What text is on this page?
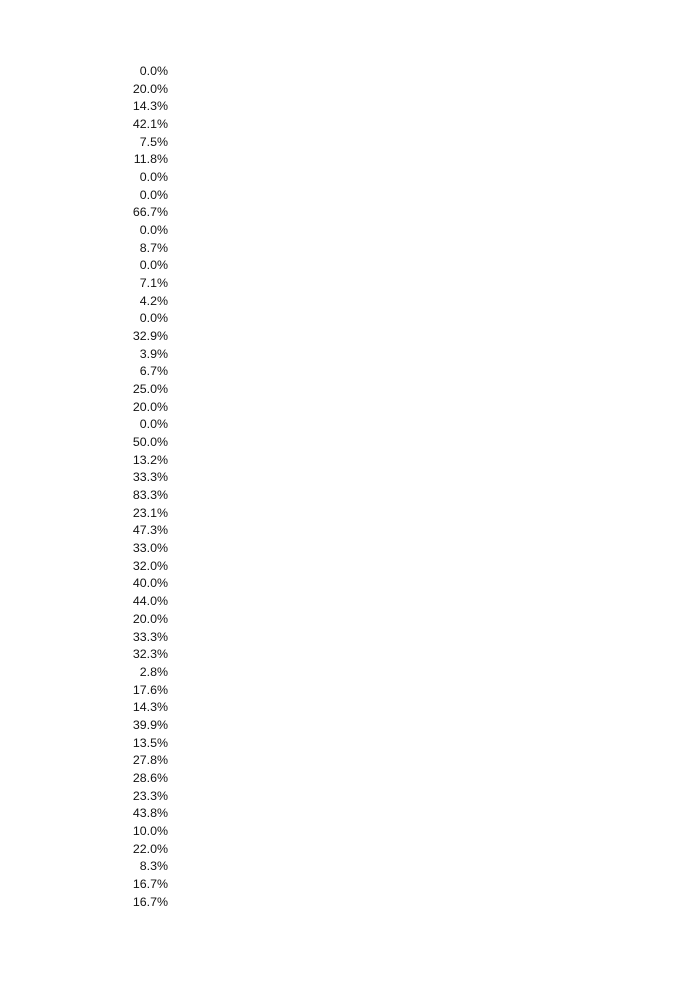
0.0%
20.0%
14.3%
42.1%
7.5%
11.8%
0.0%
0.0%
66.7%
0.0%
8.7%
0.0%
7.1%
4.2%
0.0%
32.9%
3.9%
6.7%
25.0%
20.0%
0.0%
50.0%
13.2%
33.3%
83.3%
23.1%
47.3%
33.0%
32.0%
40.0%
44.0%
20.0%
33.3%
32.3%
2.8%
17.6%
14.3%
39.9%
13.5%
27.8%
28.6%
23.3%
43.8%
10.0%
22.0%
8.3%
16.7%
16.7%
